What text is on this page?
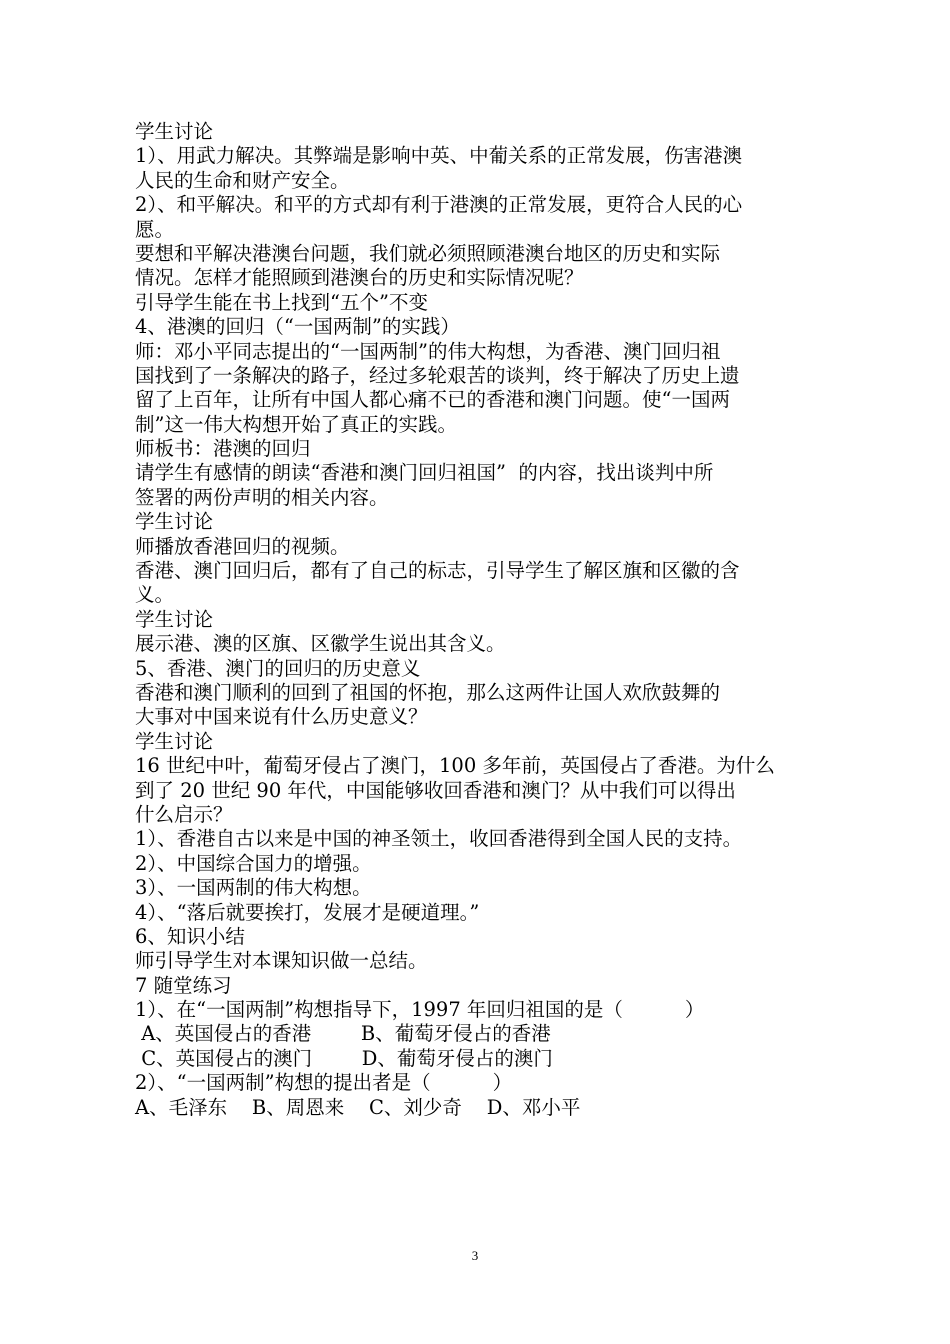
学生讨论
1）、用武力解决。其弊端是影响中英、中葡关系的正常发展，伤害港澳
人民的生命和财产安全。
2）、和平解决。和平的方式却有利于港澳的正常发展，更符合人民的心
愿。
要想和平解决港澳台问题，我们就必须照顾港澳台地区的历史和实际
情况。怎样才能照顾到港澳台的历史和实际情况呢？
引导学生能在书上找到“五个”不变
4、港澳的回归（“一国两制”的实践）
师：邓小平同志提出的“一国两制”的伟大构想，为香港、澳门回归祖
国找到了一条解决的路子，经过多轮艰苦的谈判，终于解决了历史上遗
留了上百年，让所有中国人都心痛不已的香港和澳门问题。使“一国两
制”这一伟大构想开始了真正的实践。
师板书：港澳的回归
请学生有感情的朗读“香港和澳门回归祖国”  的内容，找出谈判中所
签署的两份声明的相关内容。
学生讨论
师播放香港回归的视频。
香港、澳门回归后，都有了自己的标志，引导学生了解区旗和区徽的含
义。
学生讨论
展示港、澳的区旗、区徽学生说出其含义。
5、香港、澳门的回归的历史意义
香港和澳门顺利的回到了祖国的怀抱，那么这两件让国人欢欣鼓舞的
大事对中国来说有什么历史意义？
学生讨论
16 世纪中叶，葡萄牙侵占了澳门，100 多年前，英国侵占了香港。为什么
到了 20 世纪 90 年代，中国能够收回香港和澳门？从中我们可以得出
什么启示？
1）、香港自古以来是中国的神圣领土，收回香港得到全国人民的支持。
2）、中国综合国力的增强。
3）、一国两制的伟大构想。
4）、“落后就要挨打，发展才是硬道理。”
6、知识小结
师引导学生对本课知识做一总结。
7 随堂练习
1）、在“一国两制”构想指导下，1997 年回归祖国的是（          ）
A、英国侵占的香港        B、葡萄牙侵占的香港
C、英国侵占的澳门        D、葡萄牙侵占的澳门
2）、“一国两制”构想的提出者是（          ）
A、毛泽东    B、周恩来    C、刘少奇    D、邓小平
3
